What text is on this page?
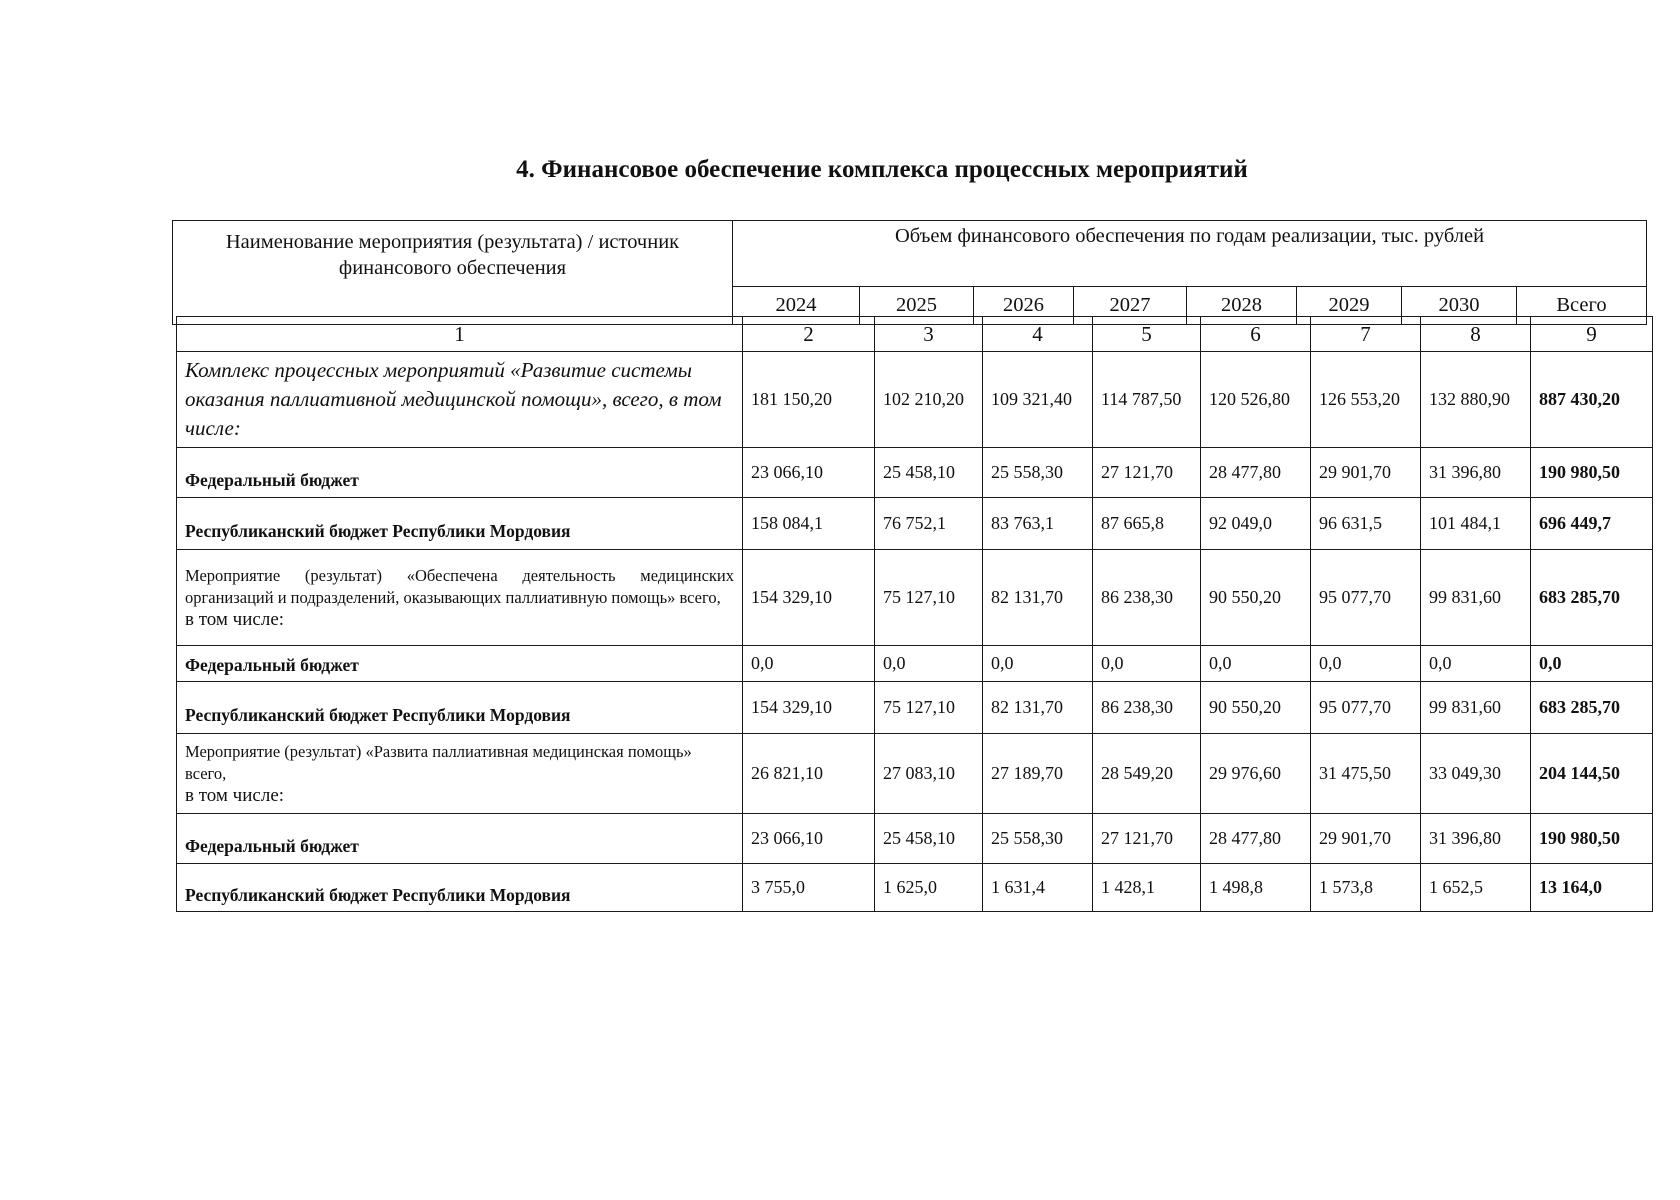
4. Финансовое обеспечение комплекса процессных мероприятий
Наименование мероприятия (результата) / источник финансового обеспечения	Объем финансового обеспечения по годам реализации, тыс. рублей							
	2024	2025	2026	2027	2028	2029	2030	Всего
1	2	3	4	5	6	7	8	9
Комплекс процессных мероприятий «Развитие системы оказания паллиативной медицинской помощи», всего, в том числе:	181 150,20	102 210,20	109 321,40	114 787,50	120 526,80	126 553,20	132 880,90	887 430,20
Федеральный бюджет	23 066,10	25 458,10	25 558,30	27 121,70	28 477,80	29 901,70	31 396,80	190 980,50
Республиканский бюджет Республики Мордовия	158 084,1	76 752,1	83 763,1	87 665,8	92 049,0	96 631,5	101 484,1	696 449,7
Мероприятие (результат) «Обеспечена деятельность медицинских организаций и подразделений, оказывающих паллиативную помощь» всего,
в том числе:	154 329,10	75 127,10	82 131,70	86 238,30	90 550,20	95 077,70	99 831,60	683 285,70
Федеральный бюджет	0,0	0,0	0,0	0,0	0,0	0,0	0,0	0,0
Республиканский бюджет Республики Мордовия	154 329,10	75 127,10	82 131,70	86 238,30	90 550,20	95 077,70	99 831,60	683 285,70
Мероприятие (результат) «Развита паллиативная медицинская помощь» всего,
в том числе:	26 821,10	27 083,10	27 189,70	28 549,20	29 976,60	31 475,50	33 049,30	204 144,50
Федеральный бюджет	23 066,10	25 458,10	25 558,30	27 121,70	28 477,80	29 901,70	31 396,80	190 980,50
Республиканский бюджет Республики Мордовия	3 755,0	1 625,0	1 631,4	1 428,1	1 498,8	1 573,8	1 652,5	13 164,0
